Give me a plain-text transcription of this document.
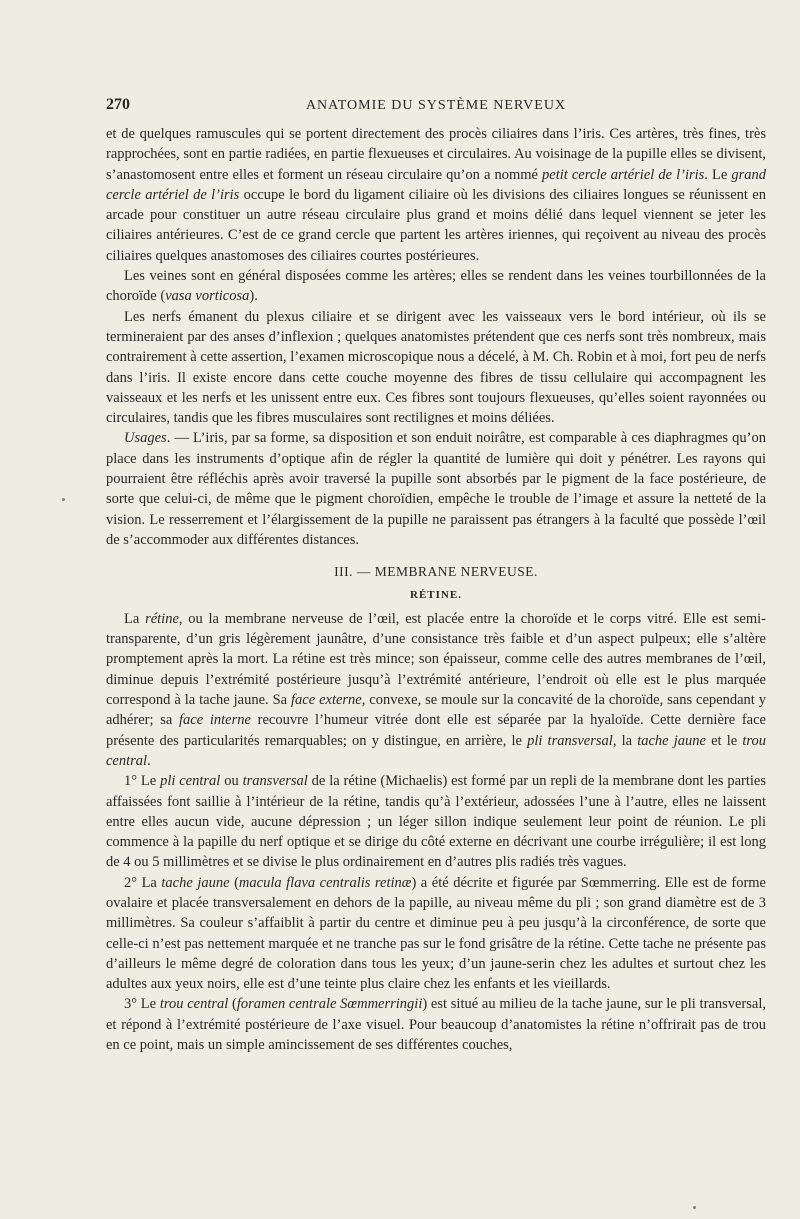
270	ANATOMIE DU SYSTÈME NERVEUX

et de quelques ramuscules qui se portent directement des procès ciliaires dans l’iris. Ces artères, très fines, très rapprochées, sont en partie radiées, en partie flexueuses et circulaires. Au voisinage de la pupille elles se divisent, s’anastomosent entre elles et forment un réseau circulaire qu’on a nommé petit cercle artériel de l’iris. Le grand cercle artériel de l’iris occupe le bord du ligament ciliaire où les divisions des ciliaires longues se réunissent en arcade pour constituer un autre réseau circulaire plus grand et moins délié dans lequel viennent se jeter les ciliaires antérieures. C’est de ce grand cercle que partent les artères iriennes, qui reçoivent au niveau des procès ciliaires quelques anastomoses des ciliaires courtes postérieures.

Les veines sont en général disposées comme les artères; elles se rendent dans les veines tourbillonnées de la choroïde (vasa vorticosa).

Les nerfs émanent du plexus ciliaire et se dirigent avec les vaisseaux vers le bord intérieur, où ils se termineraient par des anses d’inflexion ; quelques anatomistes prétendent que ces nerfs sont très nombreux, mais contrairement à cette assertion, l’examen microscopique nous a décelé, à M. Ch. Robin et à moi, fort peu de nerfs dans l’iris. Il existe encore dans cette couche moyenne des fibres de tissu cellulaire qui accompagnent les vaisseaux et les nerfs et les unissent entre eux. Ces fibres sont toujours flexueuses, qu’elles soient rayonnées ou circulaires, tandis que les fibres musculaires sont rectilignes et moins déliées.

Usages. — L’iris, par sa forme, sa disposition et son enduit noirâtre, est comparable à ces diaphragmes qu’on place dans les instruments d’optique afin de régler la quantité de lumière qui doit y pénétrer. Les rayons qui pourraient être réfléchis après avoir traversé la pupille sont absorbés par le pigment de la face postérieure, de sorte que celui-ci, de même que le pigment choroïdien, empêche le trouble de l’image et assure la netteté de la vision. Le resserrement et l’élargissement de la pupille ne paraissent pas étrangers à la faculté que possède l’œil de s’accommoder aux différentes distances.

III. — MEMBRANE NERVEUSE.

RÉTINE.

La rétine, ou la membrane nerveuse de l’œil, est placée entre la choroïde et le corps vitré. Elle est semi-transparente, d’un gris légèrement jaunâtre, d’une consistance très faible et d’un aspect pulpeux; elle s’altère promptement après la mort. La rétine est très mince; son épaisseur, comme celle des autres membranes de l’œil, diminue depuis l’extrémité postérieure jusqu’à l’extrémité antérieure, l’endroit où elle est le plus marquée correspond à la tache jaune. Sa face externe, convexe, se moule sur la concavité de la choroïde, sans cependant y adhérer; sa face interne recouvre l’humeur vitrée dont elle est séparée par la hyaloïde. Cette dernière face présente des particularités remarquables; on y distingue, en arrière, le pli transversal, la tache jaune et le trou central.

1° Le pli central ou transversal de la rétine (Michaelis) est formé par un repli de la membrane dont les parties affaissées font saillie à l’intérieur de la rétine, tandis qu’à l’extérieur, adossées l’une à l’autre, elles ne laissent entre elles aucun vide, aucune dépression ; un léger sillon indique seulement leur point de réunion. Le pli commence à la papille du nerf optique et se dirige du côté externe en décrivant une courbe irrégulière; il est long de 4 ou 5 millimètres et se divise le plus ordinairement en d’autres plis radiés très vagues.

2° La tache jaune (macula flava centralis retinæ) a été décrite et figurée par Sœmmerring. Elle est de forme ovalaire et placée transversalement en dehors de la papille, au niveau même du pli ; son grand diamètre est de 3 millimètres. Sa couleur s’affaiblit à partir du centre et diminue peu à peu jusqu’à la circonférence, de sorte que celle-ci n’est pas nettement marquée et ne tranche pas sur le fond grisâtre de la rétine. Cette tache ne présente pas d’ailleurs le même degré de coloration dans tous les yeux; d’un jaune-serin chez les adultes et surtout chez les adultes aux yeux noirs, elle est d’une teinte plus claire chez les enfants et les vieillards.

3° Le trou central (foramen centrale Sœmmerringii) est situé au milieu de la tache jaune, sur le pli transversal, et répond à l’extrémité postérieure de l’axe visuel. Pour beaucoup d’anatomistes la rétine n’offrirait pas de trou en ce point, mais un simple amincissement de ses différentes couches,
